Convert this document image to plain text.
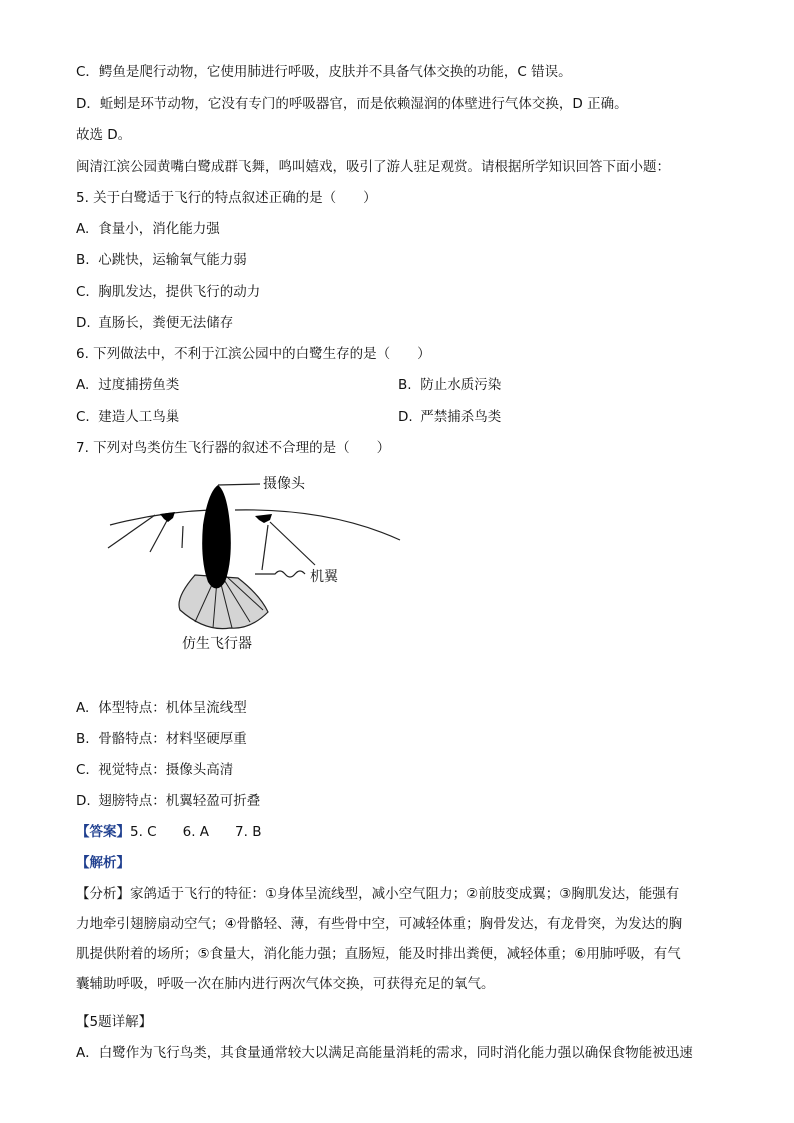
C．鳄鱼是爬行动物，它使用肺进行呼吸，皮肤并不具备气体交换的功能，C 错误。
D．蚯蚓是环节动物，它没有专门的呼吸器官，而是依赖湿润的体壁进行气体交换，D 正确。
故选 D。
闽清江滨公园黄嘴白鹭成群飞舞，鸣叫嬉戏，吸引了游人驻足观赏。请根据所学知识回答下面小题：
5. 关于白鹭适于飞行的特点叙述正确的是（　　）
A. 食量小，消化能力强
B. 心跳快，运输氧气能力弱
C. 胸肌发达，提供飞行的动力
D. 直肠长，粪便无法储存
6. 下列做法中，不利于江滨公园中的白鹭生存的是（　　）
A. 过度捕捞鱼类	B. 防止水质污染
C. 建造人工鸟巢	D. 严禁捕杀鸟类
7. 下列对鸟类仿生飞行器的叙述不合理的是（　　）
摄像头
机翼
仿生飞行器
A. 体型特点：机体呈流线型
B. 骨骼特点：材料坚硬厚重
C. 视觉特点：摄像头高清
D. 翅膀特点：机翼轻盈可折叠
【答案】5. C 6. A 7. B
【解析】
【分析】家鸽适于飞行的特征：①身体呈流线型，减小空气阻力；②前肢变成翼；③胸肌发达，能强有
力地牵引翅膀扇动空气；④骨骼轻、薄，有些骨中空，可减轻体重；胸骨发达，有龙骨突，为发达的胸
肌提供附着的场所；⑤食量大，消化能力强；直肠短，能及时排出粪便，减轻体重；⑥用肺呼吸，有气
囊辅助呼吸，呼吸一次在肺内进行两次气体交换，可获得充足的氧气。
【5题详解】
A．白鹭作为飞行鸟类，其食量通常较大以满足高能量消耗的需求，同时消化能力强以确保食物能被迅速
